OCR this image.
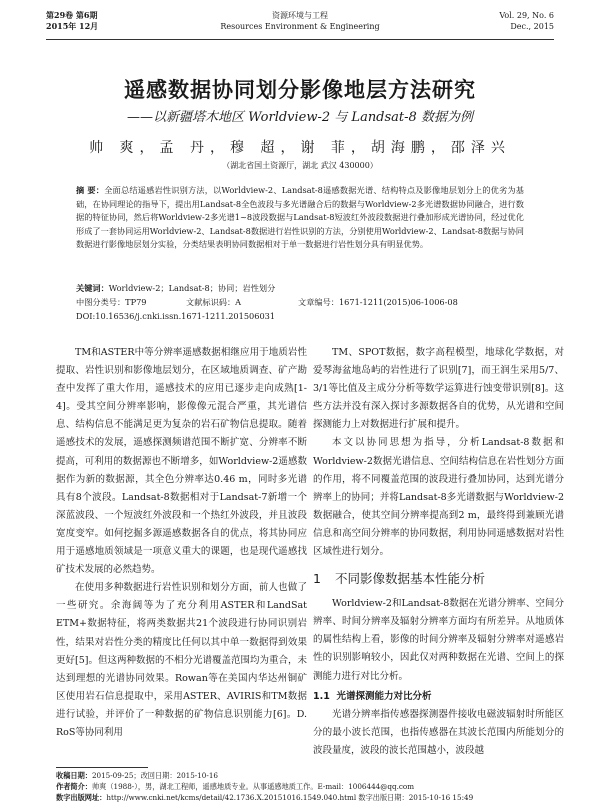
第29卷 第6期
2015年 12月
资源环境与工程
Resources Environment & Engineering
Vol. 29, No. 6
Dec., 2015
遥感数据协同划分影像地层方法研究
——以新疆塔木地区 Worldview-2 与 Landsat-8 数据为例
帅 爽，孟 丹，穆 超，谢 菲，胡海鹏，邵泽兴
（湖北省国土资源厅，湖北 武汉 430000）
摘 要：全面总结遥感岩性识别方法，以Worldview-2、Landsat-8遥感数据光谱、结构特点及影像地层划分上的优劣为基础，在协同理论的指导下，提出用Landsat-8全色波段与多光谱融合后的数据与Worldview-2多光谱数据协同融合，进行数据的特征协同，然后将Worldview-2多光谱1~8波段数据与Landsat-8短波红外波段数据进行叠加形成光谱协同，经过优化形成了一套协同运用Worldview-2、Landsat-8数据进行岩性识别的方法，分别使用Worldview-2、Landsat-8数据与协同数据进行影像地层划分实验，分类结果表明协同数据相对于单一数据进行岩性划分具有明显优势。
关键词：Worldview-2；Landsat-8；协同；岩性划分
中图分类号：TP79	文献标识码：A	文章编号：1671-1211(2015)06-1006-08
DOI:10.16536/j.cnki.issn.1671-1211.201506031

TM和ASTER中等分辨率遥感数据相继应用于地质岩性提取、岩性识别和影像地层划分，在区域地质调查、矿产勘查中发挥了重大作用，遥感技术的应用已逐步走向成熟[1-4]。受其空间分辨率影响，影像像元混合严重，其光谱信息、结构信息不能满足更为复杂的岩石矿物信息提取。随着遥感技术的发展，遥感探测频谱范围不断扩宽、分辨率不断提高，可利用的数据源也不断增多，如Worldview-2遥感数据作为新的数据源，其全色分辨率达0.46 m，同时多光谱具有8个波段。Landsat-8数据相对于Landsat-7新增一个深蓝波段、一个短波红外波段和一个热红外波段，并且波段宽度变窄。如何挖掘多源遥感数据各自的优点，将其协同应用于遥感地质领域是一项意义重大的课题，也是现代遥感找矿技术发展的必然趋势。

在使用多种数据进行岩性识别和划分方面，前人也做了一些研究。余海阔等为了充分利用ASTER和LandSat ETM+数据特征，将两类数据共21个波段进行协同识别岩性，结果对岩性分类的精度比任何以其中单一数据得到效果更好[5]。但这两种数据的不相分光谱覆盖范围均为重合，未达到理想的光谱协同效果。Rowan等在美国内华达州铜矿区使用岩石信息提取中，采用ASTER、AVIRIS和TM数据进行试验，并评价了一种数据的矿物信息识别能力[6]。D. RoS等协同利用

TM、SPOT数据，数字高程模型，地球化学数据，对爱琴海盆地岛屿的岩性进行了识别[7]，而王润生采用5/7、3/1等比值及主成分分析等数学运算进行蚀变带识别[8]。这些方法并没有深入探讨多源数据各自的优势，从光谱和空间探测能力上对数据进行扩展和提升。

本文以协同思想为指导，分析Landsat-8数据和Worldview-2数据光谱信息、空间结构信息在岩性划分方面的作用，将不同覆盖范围的波段进行叠加协同，达到光谱分辨率上的协同；并将Landsat-8多光谱数据与Worldview-2数据融合，使其空间分辨率提高到2 m，最终得到兼顾光谱信息和高空间分辨率的协同数据，利用协同遥感数据对岩性区域性进行划分。

1 不同影像数据基本性能分析

Worldview-2和Landsat-8数据在光谱分辨率、空间分辨率、时间分辨率及辐射分辨率方面均有所差异。从地质体的属性结构上看，影像的时间分辨率及辐射分辨率对遥感岩性的识别影响较小，因此仅对两种数据在光谱、空间上的探测能力进行对比分析。

1.1 光谱探测能力对比分析

光谱分辨率指传感器探测器件接收电磁波辐射时所能区分的最小波长范围，也指传感器在其波长范围内所能划分的波段量度，波段的波长范围越小，波段越

收稿日期：2015-09-25；改回日期：2015-10-16
作者简介：帅爽（1988-），男，湖北工程师，遥感地质专业。从事遥感地质工作。E-mail：1006444@qq.com
数字出版网址：http://www.cnki.net/kcms/detail/42.1736.X.20151016.1549.040.html 数字出版日期：2015-10-16 15:49
